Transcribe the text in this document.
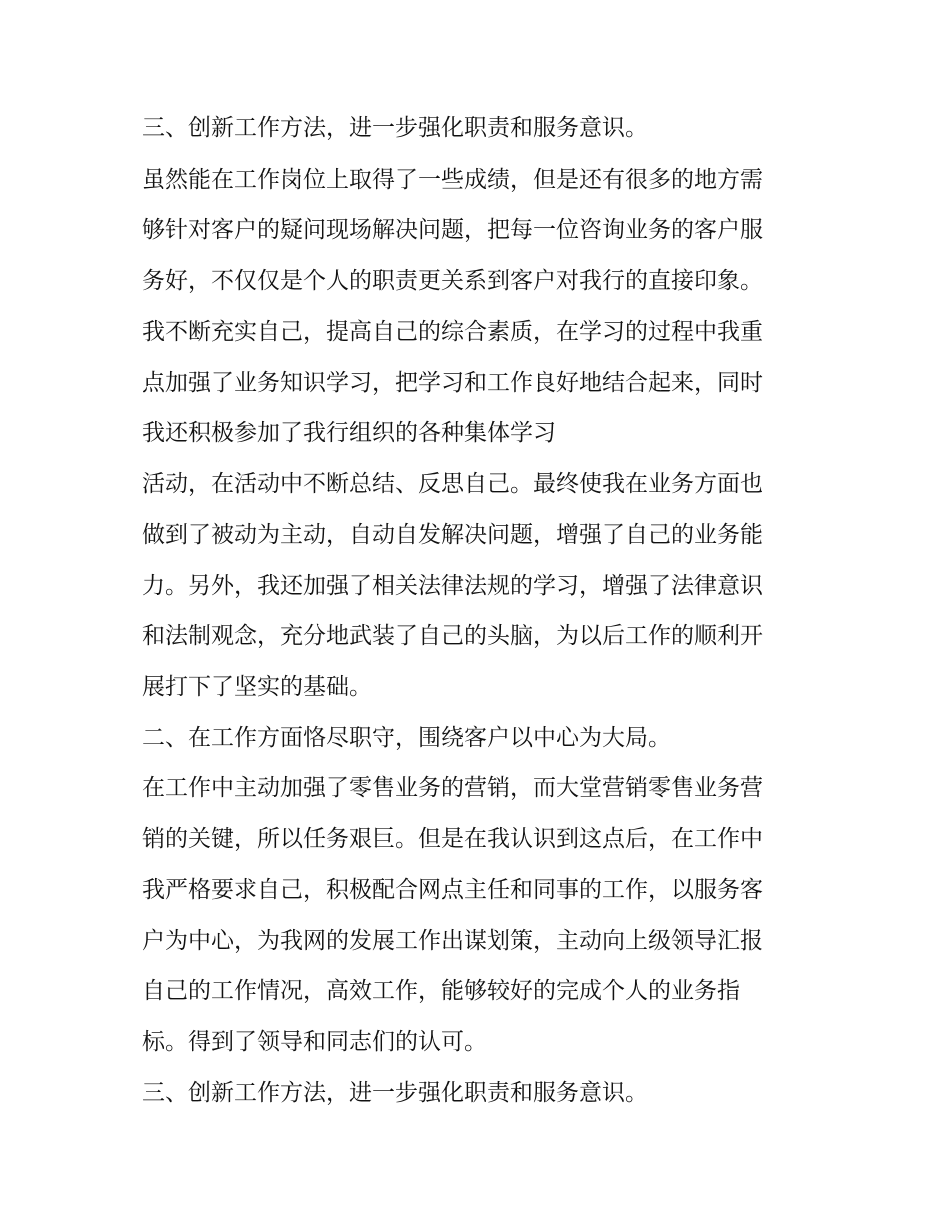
三、创新工作方法，进一步强化职责和服务意识。
虽然能在工作岗位上取得了一些成绩，但是还有很多的地方需
够针对客户的疑问现场解决问题，把每一位咨询业务的客户服
务好，不仅仅是个人的职责更关系到客户对我行的直接印象。
我不断充实自己，提高自己的综合素质，在学习的过程中我重
点加强了业务知识学习，把学习和工作良好地结合起来，同时
我还积极参加了我行组织的各种集体学习
活动，在活动中不断总结、反思自己。最终使我在业务方面也
做到了被动为主动，自动自发解决问题，增强了自己的业务能
力。另外，我还加强了相关法律法规的学习，增强了法律意识
和法制观念，充分地武装了自己的头脑，为以后工作的顺利开
展打下了坚实的基础。
二、在工作方面恪尽职守，围绕客户以中心为大局。
在工作中主动加强了零售业务的营销，而大堂营销零售业务营
销的关键，所以任务艰巨。但是在我认识到这点后，在工作中
我严格要求自己，积极配合网点主任和同事的工作，以服务客
户为中心，为我网的发展工作出谋划策，主动向上级领导汇报
自己的工作情况，高效工作，能够较好的完成个人的业务指
标。得到了领导和同志们的认可。
三、创新工作方法，进一步强化职责和服务意识。
